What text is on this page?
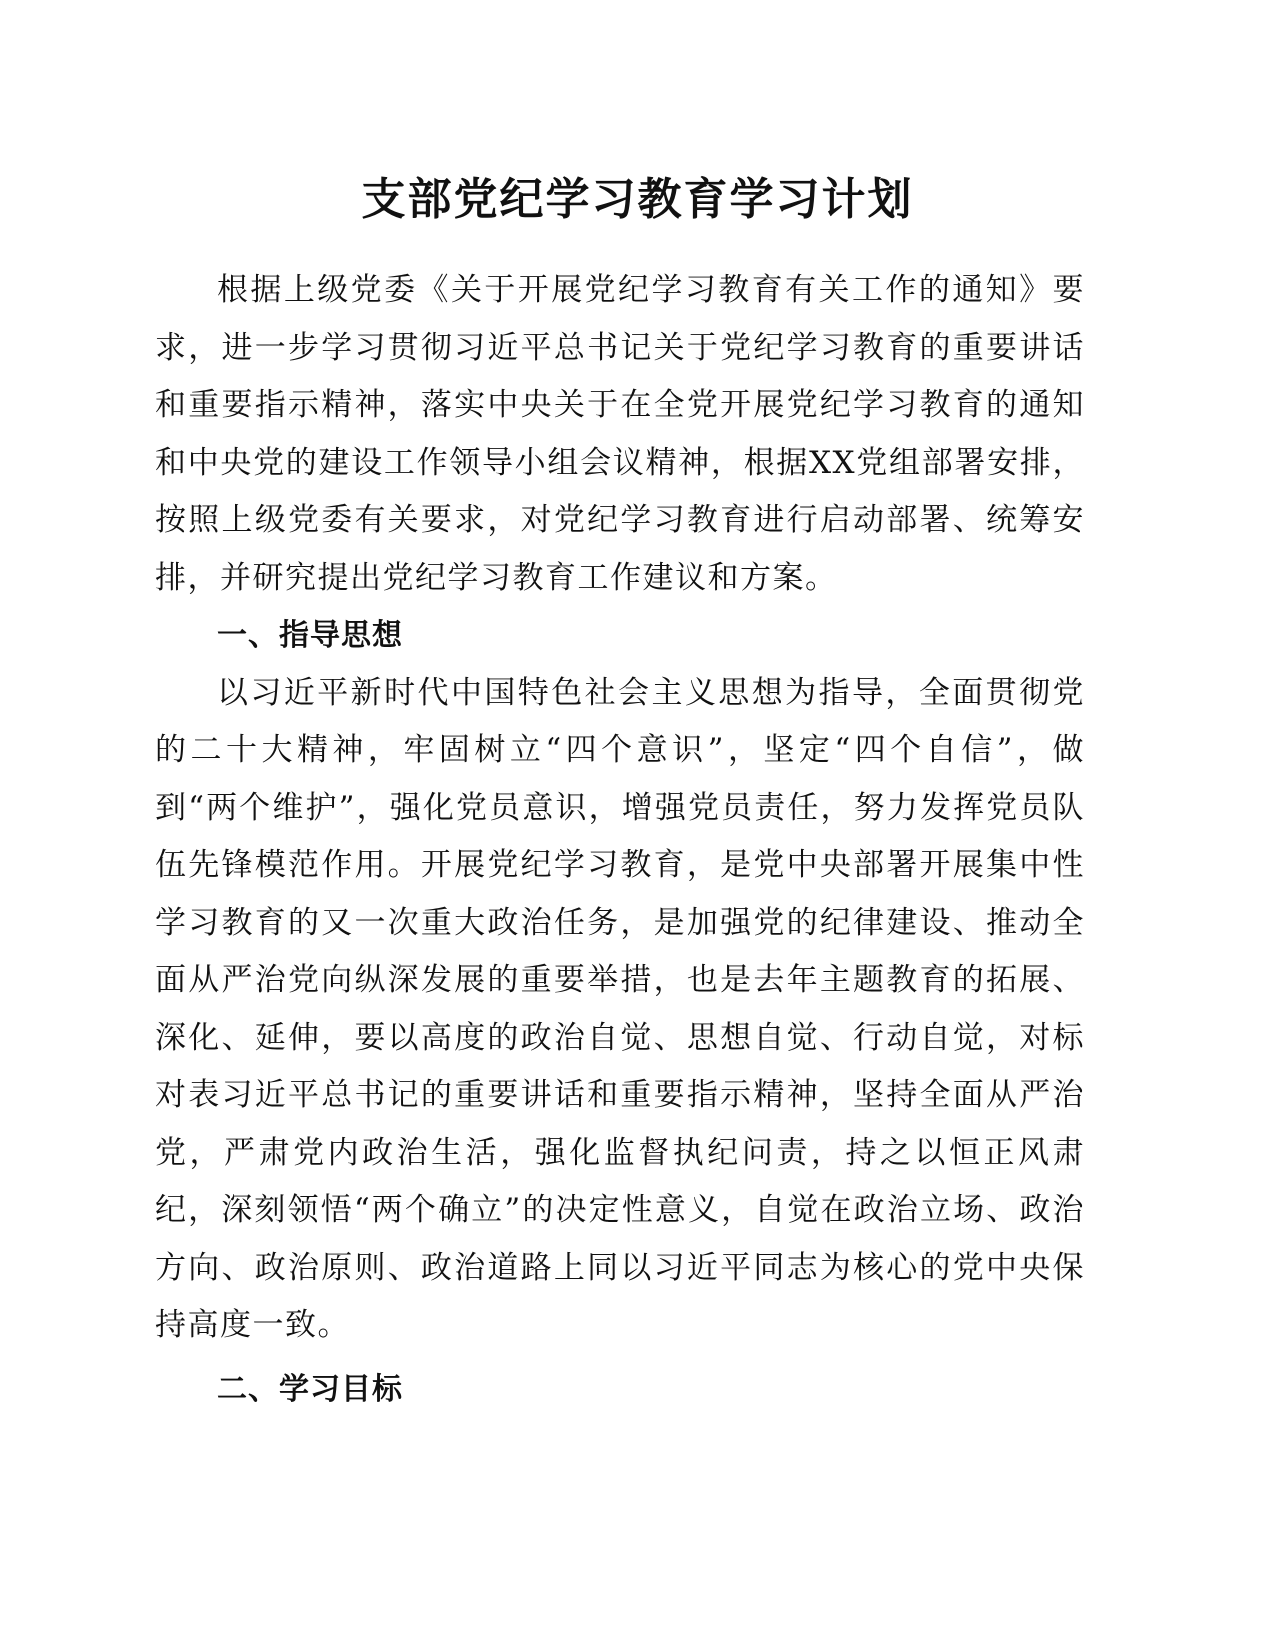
支部党纪学习教育学习计划

根据上级党委《关于开展党纪学习教育有关工作的通知》要求，进一步学习贯彻习近平总书记关于党纪学习教育的重要讲话和重要指示精神，落实中央关于在全党开展党纪学习教育的通知和中央党的建设工作领导小组会议精神，根据XX党组部署安排，按照上级党委有关要求，对党纪学习教育进行启动部署、统筹安排，并研究提出党纪学习教育工作建议和方案。

一、指导思想

以习近平新时代中国特色社会主义思想为指导，全面贯彻党的二十大精神，牢固树立“四个意识”，坚定“四个自信”，做到“两个维护”，强化党员意识，增强党员责任，努力发挥党员队伍先锋模范作用。开展党纪学习教育，是党中央部署开展集中性学习教育的又一次重大政治任务，是加强党的纪律建设、推动全面从严治党向纵深发展的重要举措，也是去年主题教育的拓展、深化、延伸，要以高度的政治自觉、思想自觉、行动自觉，对标对表习近平总书记的重要讲话和重要指示精神，坚持全面从严治党，严肃党内政治生活，强化监督执纪问责，持之以恒正风肃纪，深刻领悟“两个确立”的决定性意义，自觉在政治立场、政治方向、政治原则、政治道路上同以习近平同志为核心的党中央保持高度一致。

二、学习目标
